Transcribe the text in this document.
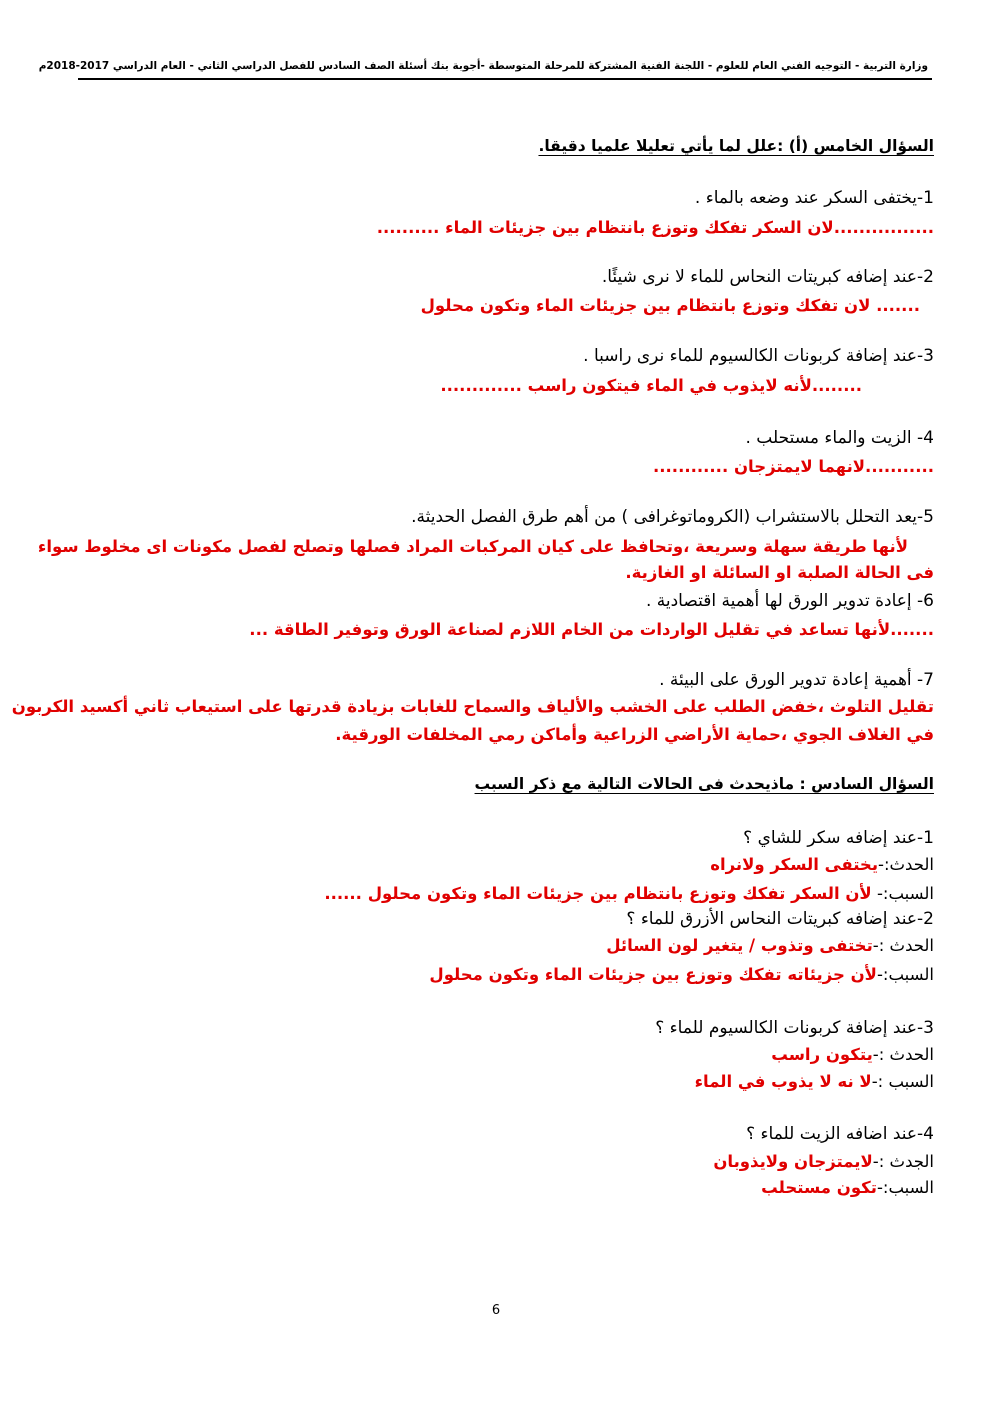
وزارة التربية - التوجيه الفني العام للعلوم - اللجنة الفنية المشتركة للمرحلة المتوسطة -أجوبة بنك أسئلة الصف السادس للفصل الدراسي الثاني - العام الدراسي 2017-2018م
السؤال الخامس (أ) :علل لما يأتي تعليلا علميا دقيقا.
1-يختفى السكر عند وضعه بالماء .
................لان السكر تفكك وتوزع بانتظام بين جزيئات الماء ..........
2-عند إضافه كبريتات النحاس للماء لا نرى شيئًا.
....... لان تفكك وتوزع بانتظام بين جزيئات الماء وتكون محلول
3-عند إضافة كربونات الكالسيوم للماء نرى راسبا .
........لأنه لايذوب في الماء فيتكون راسب .............
4- الزيت والماء مستحلب .
...........لانهما لايمتزجان ............
5-يعد التحلل بالاستشراب (الكروماتوغرافى ) من أهم طرق الفصل الحديثة.
لأنها طريقة سهلة وسريعة ،وتحافظ على كيان المركبات المراد فصلها وتصلح لفصل مكونات اى مخلوط سواء
فى الحالة الصلبة او السائلة او الغازية.
6- إعادة تدوير الورق لها أهمية اقتصادية .
.......لأنها تساعد في تقليل الواردات من الخام اللازم لصناعة الورق وتوفير الطاقة ...
7- أهمية إعادة تدوير الورق على البيئة .
تقليل التلوث ،خفض الطلب على الخشب والألياف والسماح للغابات بزيادة قدرتها على استيعاب ثاني أكسيد الكربون
في الغلاف الجوي ،حماية الأراضي الزراعية وأماكن رمي المخلفات الورقية.
السؤال السادس : ماذيحدث فى الحالات التالية مع ذكر السبب
1-عند إضافه سكر للشاي ؟
الحدث:-يختفى السكر ولانراه
السبب:- لأن السكر تفكك وتوزع بانتظام بين جزيئات الماء وتكون محلول ......
2-عند إضافه كبريتات النحاس الأزرق للماء ؟
الحدث :-تختفى وتذوب / يتغير لون السائل
السبب:-لأن جزيئاته تفكك وتوزع بين جزيئات الماء وتكون محلول
3-عند إضافة كربونات الكالسيوم للماء ؟
الحدث :-يتكون راسب
السبب :-لا نه لا يذوب في الماء
4-عند اضافه الزيت للماء ؟
الجدث :-لايمتزجان ولايذوبان
السبب:-تكون مستحلب
6
